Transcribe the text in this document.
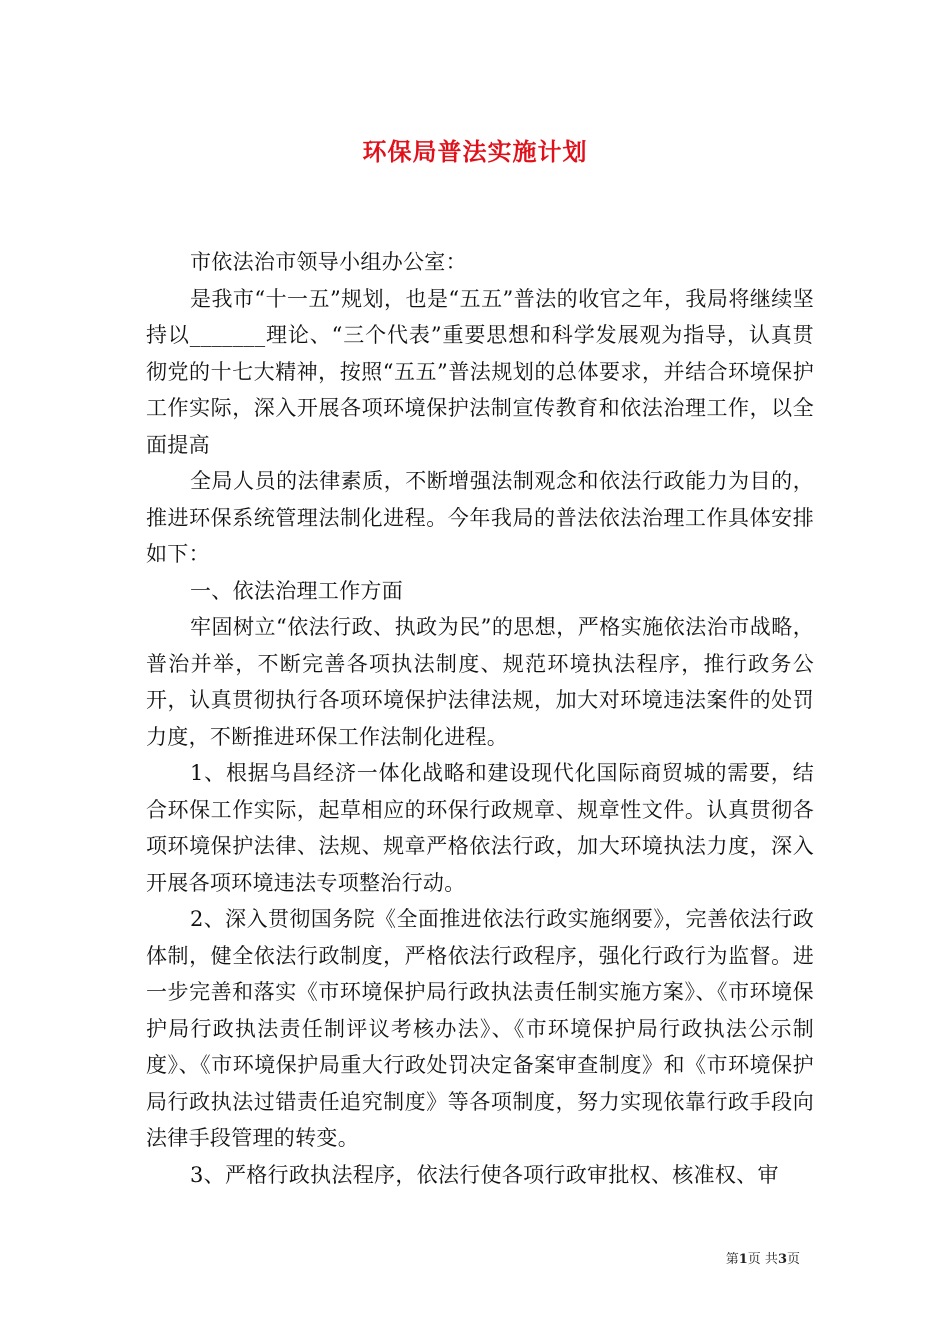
环保局普法实施计划

市依法治市领导小组办公室：

是我市“十一五”规划，也是“五五”普法的收官之年，我局将继续坚持以_______理论、“三个代表”重要思想和科学发展观为指导，认真贯彻党的十七大精神，按照“五五”普法规划的总体要求，并结合环境保护工作实际，深入开展各项环境保护法制宣传教育和依法治理工作，以全面提高

全局人员的法律素质，不断增强法制观念和依法行政能力为目的，推进环保系统管理法制化进程。今年我局的普法依法治理工作具体安排如下：

一、依法治理工作方面

牢固树立“依法行政、执政为民”的思想，严格实施依法治市战略，普治并举，不断完善各项执法制度、规范环境执法程序，推行政务公开，认真贯彻执行各项环境保护法律法规，加大对环境违法案件的处罚力度，不断推进环保工作法制化进程。

1、根据乌昌经济一体化战略和建设现代化国际商贸城的需要，结合环保工作实际，起草相应的环保行政规章、规章性文件。认真贯彻各项环境保护法律、法规、规章严格依法行政，加大环境执法力度，深入开展各项环境违法专项整治行动。

2、深入贯彻国务院《全面推进依法行政实施纲要》，完善依法行政体制，健全依法行政制度，严格依法行政程序，强化行政行为监督。进一步完善和落实《市环境保护局行政执法责任制实施方案》、《市环境保护局行政执法责任制评议考核办法》、《市环境保护局行政执法公示制度》、《市环境保护局重大行政处罚决定备案审查制度》和《市环境保护局行政执法过错责任追究制度》等各项制度，努力实现依靠行政手段向法律手段管理的转变。

3、严格行政执法程序，依法行使各项行政审批权、核准权、审

第1页 共3页
